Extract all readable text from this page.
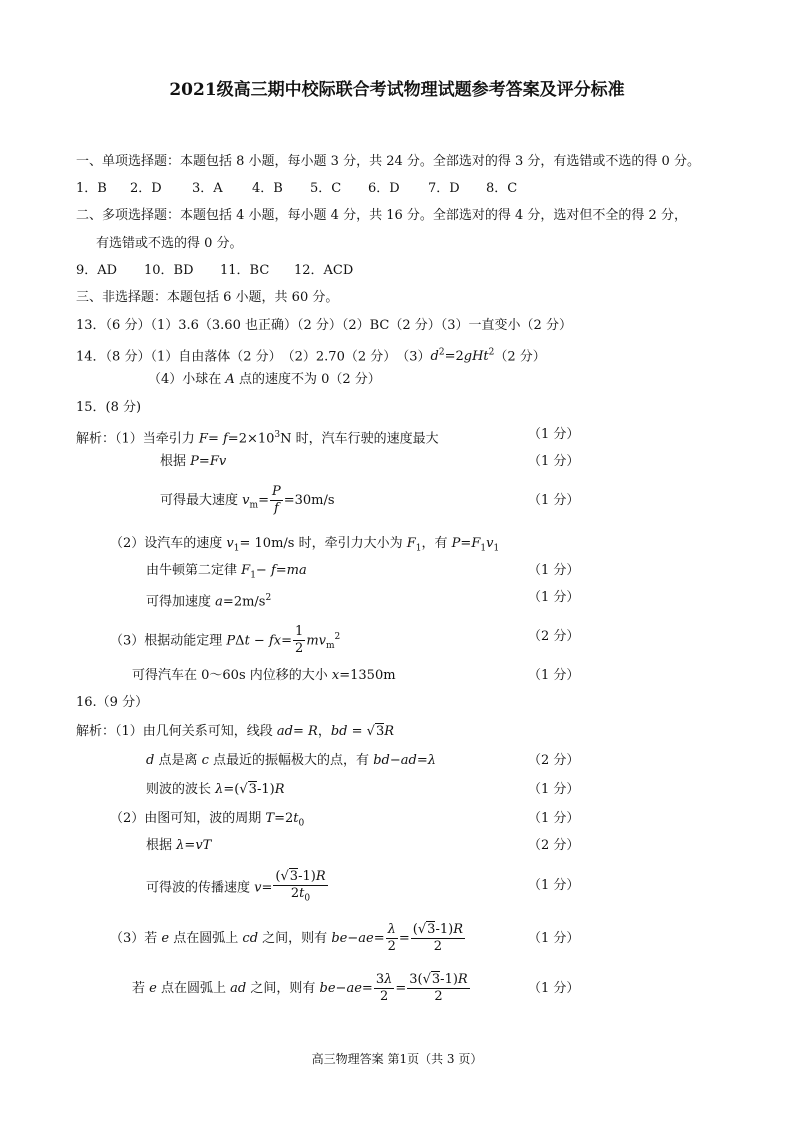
2021级高三期中校际联合考试物理试题参考答案及评分标准
一、单项选择题：本题包括 8 小题，每小题 3 分，共 24 分。全部选对的得 3 分，有选错或不选的得 0 分。
1．B 2．D 3．A 4．B 5．C 6．D 7．D 8．C
二、多项选择题：本题包括 4 小题，每小题 4 分，共 16 分。全部选对的得 4 分，选对但不全的得 2 分，
有选错或不选的得 0 分。
9．AD 10．BD 11．BC 12．ACD
三、非选择题：本题包括 6 小题，共 60 分。
13．（6 分）（1）3.6（3.60 也正确）（2 分）（2）BC（2 分）（3）一直变小（2 分）
14．（8 分）（1）自由落体（2 分）　（2）2.70（2 分）　$(3)d^2=2gHt^2(2$ 分）
（4）小球在 A 点的速度不为 0（2 分）
15．(8 分)
解析：（1）当牵引力 $F= f=2\times 10^3N$ 时，汽车行驶的速度最大	（1 分）
根据 P=Fv	（1 分）
可得最大速度 $v_m= \frac{P}{f} =30m/s$	（1 分）
（2）设汽车的速度 $v_1= 10m/s$ 时，牵引力大小为 $F_1$，有 $P=F_1v_1$
由牛顿第二定律 $F_1- f=ma$	（1 分）
可得加速度 $a=2m/s^2$	（1 分）
（3）根据动能定理 $P\Delta t - fx= \frac{1}{2} mv_m^2$	（2 分）
可得汽车在 0～60s 内位移的大小 x=1350m	（1 分）
16.（9 分）
解析：（1）由几何关系可知，线段 ad= R，bd = √3R
d 点是离 c 点最近的振幅极大的点，有 bd−ad=λ	（2 分）
则波的波长 λ=(√3-1)R	（1 分）
（2）由图可知，波的周期 $T=2t_0$	（1 分）
根据 λ=vT	（2 分）
可得波的传播速度 $v= \frac{(√3-1)R}{2t_0}$	（1 分）
（3）若 e 点在圆弧上 cd 之间，则有 $be-ae= \frac{\lambda}{2} = \frac{(√3-1)R}{2}$	（1 分）
若 e 点在圆弧上 ad 之间，则有 $be-ae= \frac{3\lambda}{2} = \frac{3(√3-1)R}{2}$	（1 分）
高三物理答案 第1页（共 3 页）
